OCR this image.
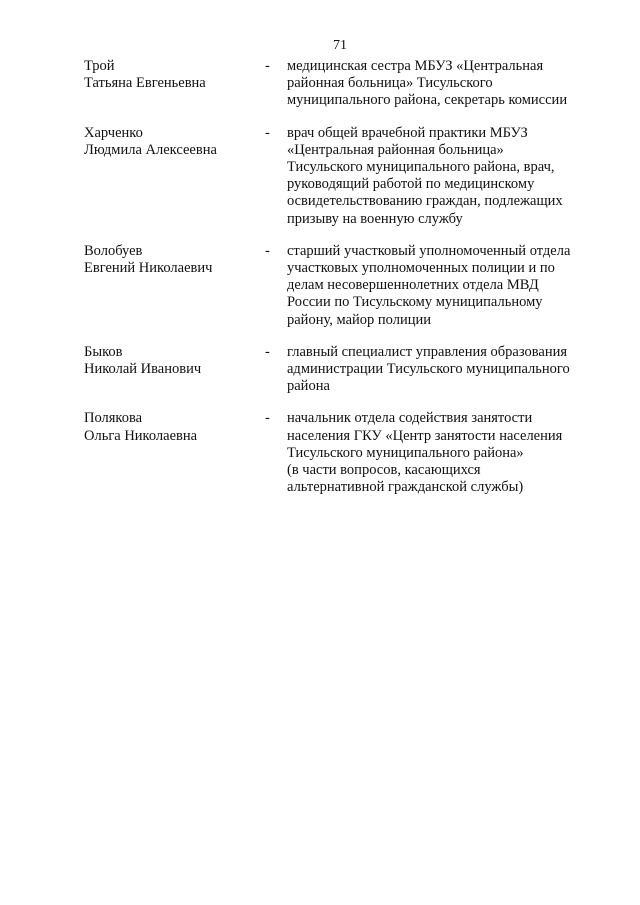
71
Трой
Татьяна Евгеньевна
- медицинская сестра МБУЗ «Центральная
районная больница» Тисульского
муниципального района, секретарь комиссии
Харченко
Людмила Алексеевна
- врач общей врачебной практики МБУЗ
«Центральная районная больница»
Тисульского муниципального района, врач,
руководящий работой по медицинскому
освидетельствованию граждан, подлежащих
призыву на военную службу
Волобуев
Евгений Николаевич
- старший участковый уполномоченный отдела
участковых уполномоченных полиции и по
делам несовершеннолетних отдела МВД
России по Тисульскому муниципальному
району, майор полиции
Быков
Николай Иванович
- главный специалист управления образования
администрации Тисульского муниципального
района
Полякова
Ольга Николаевна
- начальник отдела содействия занятости
населения ГКУ «Центр занятости населения
Тисульского муниципального района»
(в части вопросов, касающихся
альтернативной гражданской службы)
